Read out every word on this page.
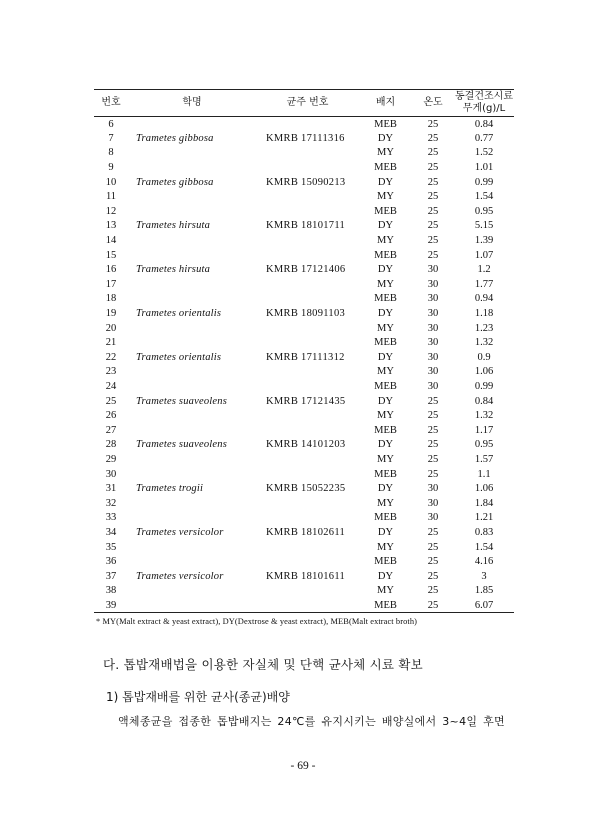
번호	학명	균주 번호	배지	온도	동결건조시료
무게(g)/L

6			MEB	25	0.84
7	Trametes gibbosa	KMRB 17111316	DY	25	0.77
8			MY	25	1.52
9			MEB	25	1.01
10	Trametes gibbosa	KMRB 15090213	DY	25	0.99
11			MY	25	1.54
12			MEB	25	0.95
13	Trametes hirsuta	KMRB 18101711	DY	25	5.15
14			MY	25	1.39
15			MEB	25	1.07
16	Trametes hirsuta	KMRB 17121406	DY	30	1.2
17			MY	30	1.77
18			MEB	30	0.94
19	Trametes orientalis	KMRB 18091103	DY	30	1.18
20			MY	30	1.23
21			MEB	30	1.32
22	Trametes orientalis	KMRB 17111312	DY	30	0.9
23			MY	30	1.06
24			MEB	30	0.99
25	Trametes suaveolens	KMRB 17121435	DY	25	0.84
26			MY	25	1.32
27			MEB	25	1.17
28	Trametes suaveolens	KMRB 14101203	DY	25	0.95
29			MY	25	1.57
30			MEB	25	1.1
31	Trametes trogii	KMRB 15052235	DY	30	1.06
32			MY	30	1.84
33			MEB	30	1.21
34	Trametes versicolor	KMRB 18102611	DY	25	0.83
35			MY	25	1.54
36			MEB	25	4.16
37	Trametes versicolor	KMRB 18101611	DY	25	3
38			MY	25	1.85
39			MEB	25	6.07
* MY(Malt extract & yeast extract), DY(Dextrose & yeast extract), MEB(Malt extract broth)
다. 톱밥재배법을 이용한 자실체 및 단핵 균사체 시료 확보
1) 톱밥재배를 위한 균사(종균)배양
액체종균을 접종한 톱밥배지는 24℃를 유지시키는 배양실에서 3~4일 후면
- 69 -
